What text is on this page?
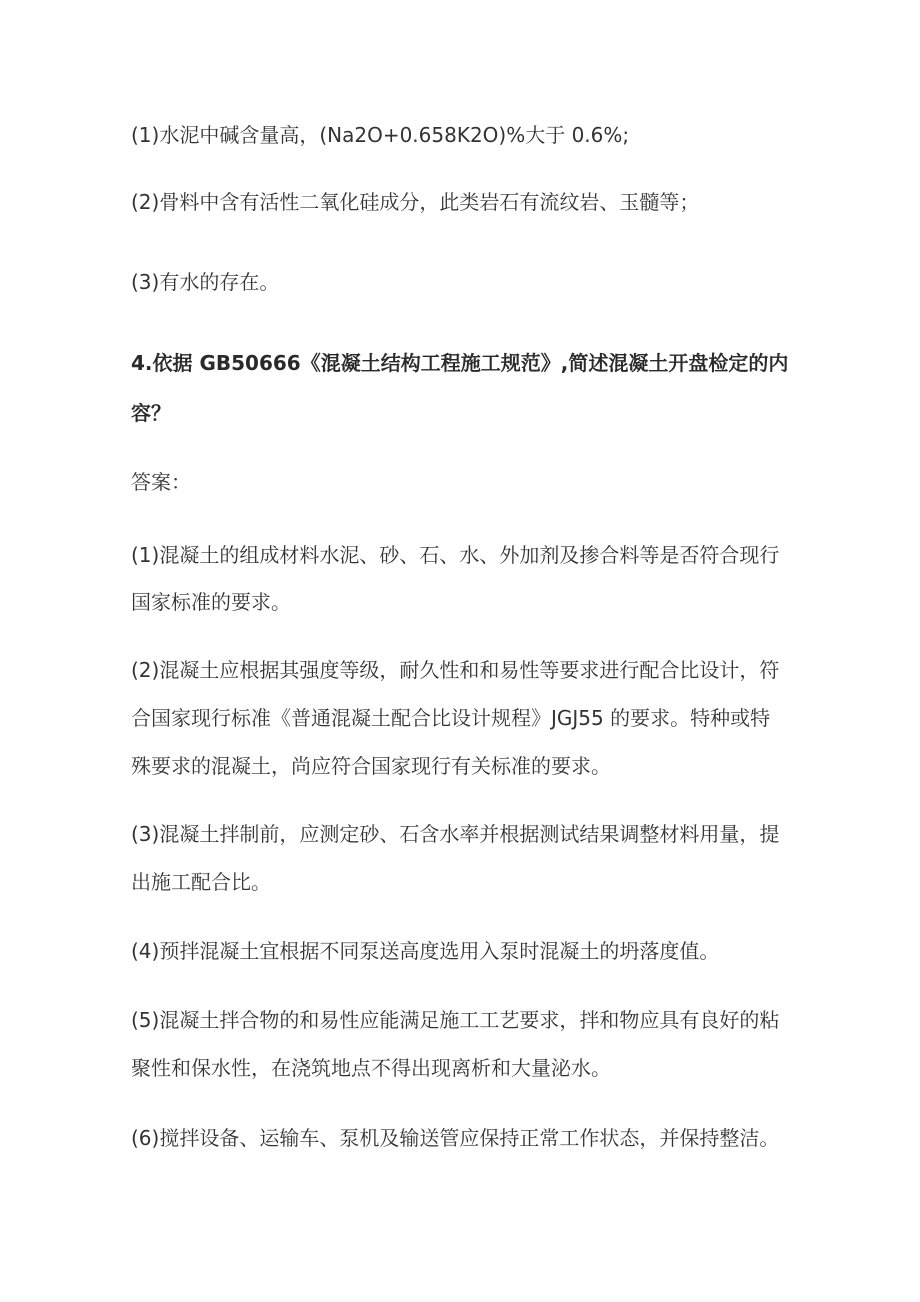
(1)水泥中碱含量高，(Na2O+0.658K2O)%大于 0.6%;

(2)骨料中含有活性二氧化硅成分，此类岩石有流纹岩、玉髓等；

(3)有水的存在。

4.依据 GB50666《混凝土结构工程施工规范》,简述混凝土开盘检定的内

容？

答案：

(1)混凝土的组成材料水泥、砂、石、水、外加剂及掺合料等是否符合现行

国家标准的要求。

(2)混凝土应根据其强度等级，耐久性和和易性等要求进行配合比设计，符

合国家现行标准《普通混凝土配合比设计规程》JGJ55 的要求。特种或特

殊要求的混凝土，尚应符合国家现行有关标准的要求。

(3)混凝土拌制前，应测定砂、石含水率并根据测试结果调整材料用量，提

出施工配合比。

(4)预拌混凝土宜根据不同泵送高度选用入泵时混凝土的坍落度值。

(5)混凝土拌合物的和易性应能满足施工工艺要求，拌和物应具有良好的粘

聚性和保水性，在浇筑地点不得出现离析和大量泌水。

(6)搅拌设备、运输车、泵机及输送管应保持正常工作状态，并保持整洁。
